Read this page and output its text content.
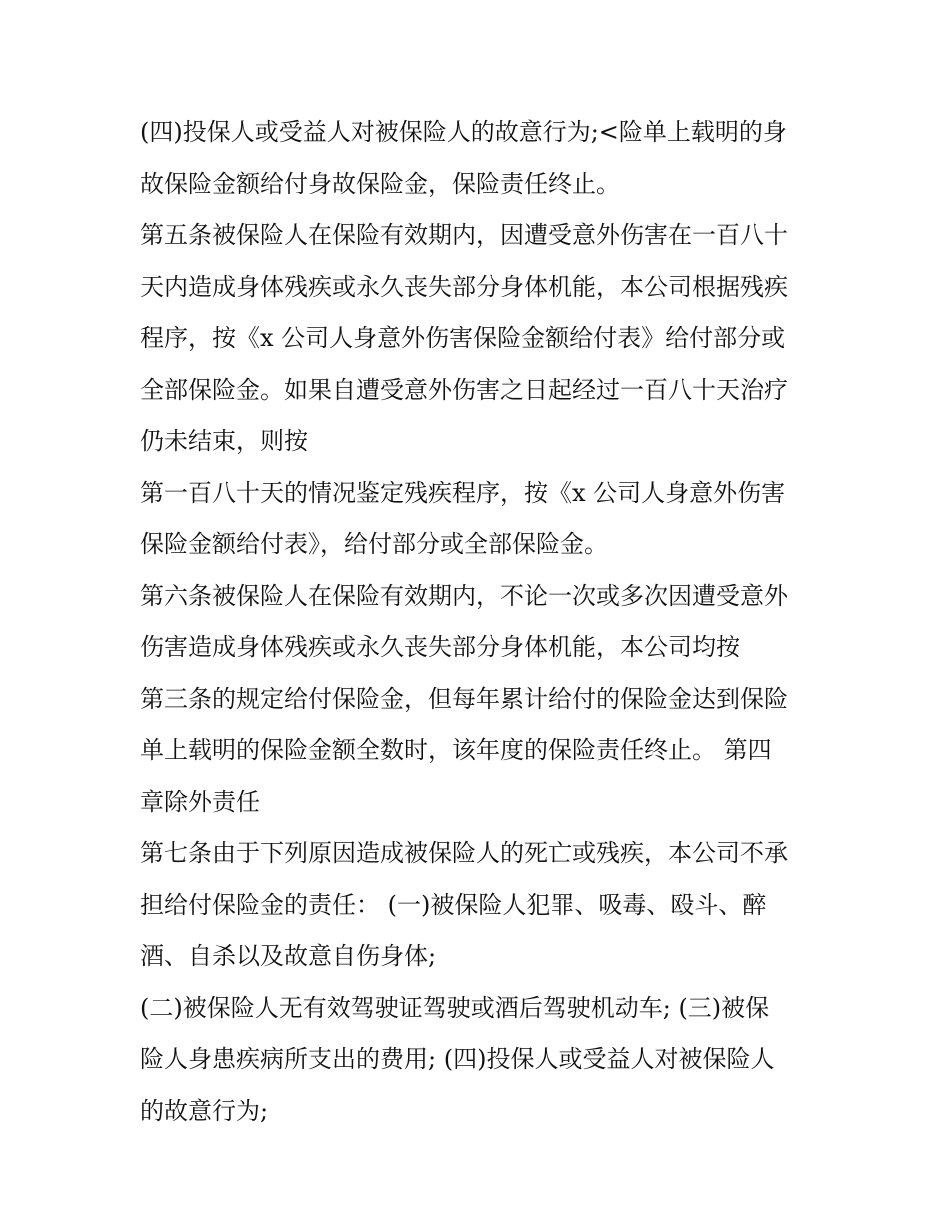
(四)投保人或受益人对被保险人的故意行为;<险单上载明的身
故保险金额给付身故保险金，保险责任终止。
第五条被保险人在保险有效期内，因遭受意外伤害在一百八十
天内造成身体残疾或永久丧失部分身体机能，本公司根据残疾
程序，按《x 公司人身意外伤害保险金额给付表》给付部分或
全部保险金。如果自遭受意外伤害之日起经过一百八十天治疗
仍未结束，则按
第一百八十天的情况鉴定残疾程序，按《x 公司人身意外伤害
保险金额给付表》，给付部分或全部保险金。
第六条被保险人在保险有效期内，不论一次或多次因遭受意外
伤害造成身体残疾或永久丧失部分身体机能，本公司均按
第三条的规定给付保险金，但每年累计给付的保险金达到保险
单上载明的保险金额全数时，该年度的保险责任终止。 第四
章除外责任
第七条由于下列原因造成被保险人的死亡或残疾，本公司不承
担给付保险金的责任： (一)被保险人犯罪、吸毒、殴斗、醉
酒、自杀以及故意自伤身体;
(二)被保险人无有效驾驶证驾驶或酒后驾驶机动车; (三)被保
险人身患疾病所支出的费用; (四)投保人或受益人对被保险人
的故意行为;
